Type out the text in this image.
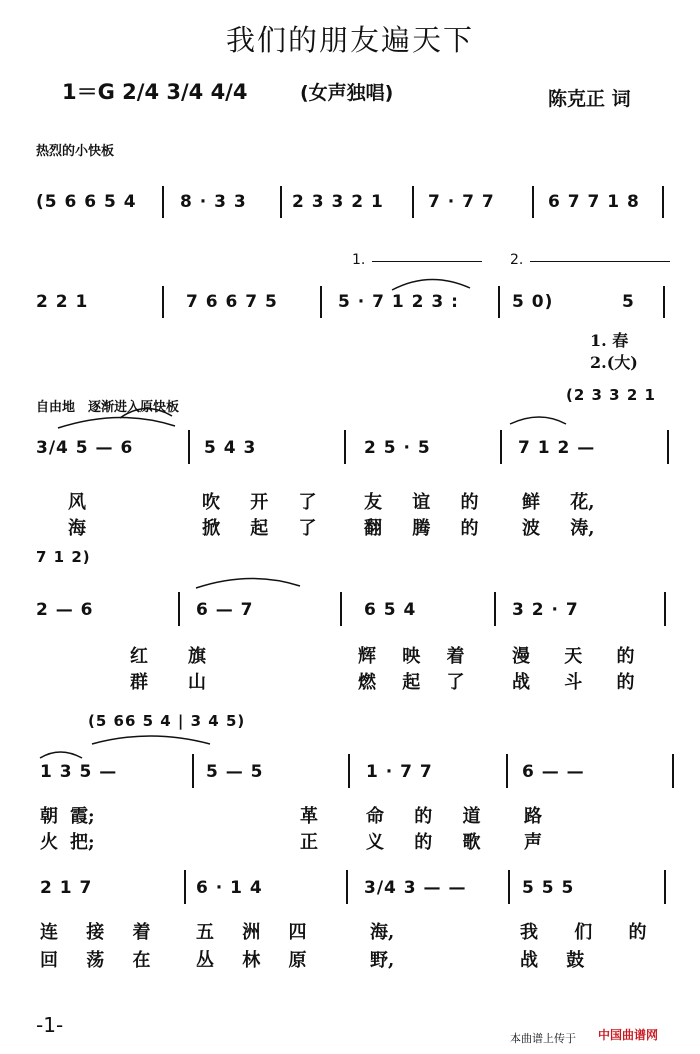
我们的朋友遍天下
1＝G 2/4 3/4 4/4	(女声独唱)	陈克正 词
热烈的小快板
(5 6 6 5 4	8 · 3 3	2 3 3 2 1	7 · 7 7	6 7 7 1 8
1.	2.
2 2 1	7 6 6 7 5	5 · 7 1 2 3 :	5 0)	5
1. 春
2.(大)
自由地　逐渐进入原快板
(2 3 3 2 1
3/4 5 — 6	5 4 3	2 5 · 5	7 1 2 —
风	吹 开 了	友 谊 的 鲜 花,
海	掀 起 了	翻 腾 的 波 涛,
7 1 2)
2 — 6	6 — 7	6 5 4	3 2 · 7
红 旗	辉 映 着	漫 天 的
群 山	燃 起 了	战 斗 的
(5 66 5 4 | 3 4 5)
1 3 5 —	5 — 5	1 · 7 7	6 — —
朝 霞;	革	命 的 道 路
火 把;	正	义 的 歌 声
2 1 7	6 · 1 4	3/4 3 — —	5 5 5
连 接 着	五 洲 四	海,	我 们 的
回 荡 在	丛 林 原	野,	战 鼓
-1-
本曲谱上传于 中国曲谱网
